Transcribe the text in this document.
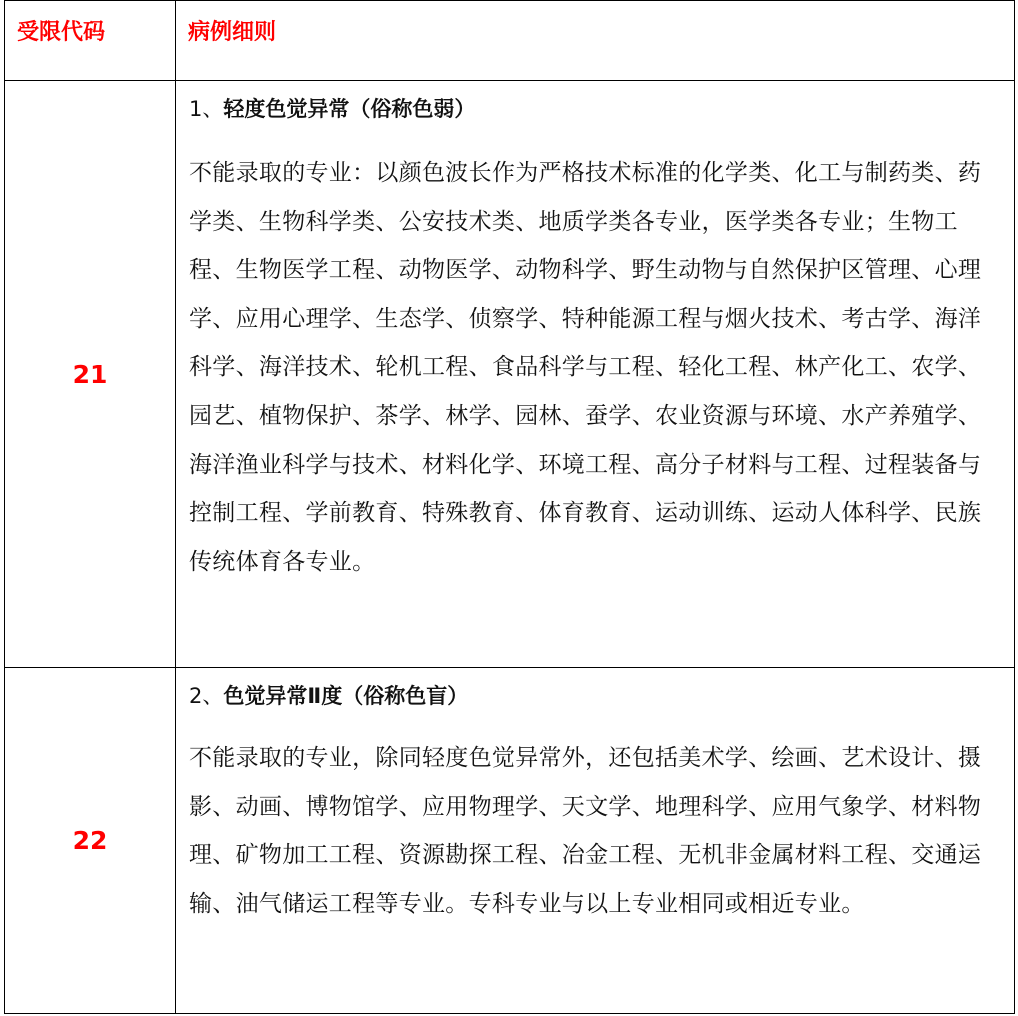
受限代码	病例细则
21	1、轻度色觉异常（俗称色弱）

不能录取的专业：以颜色波长作为严格技术标准的化学类、化工与制药类、药学类、生物科学类、公安技术类、地质学类各专业，医学类各专业；生物工程、生物医学工程、动物医学、动物科学、野生动物与自然保护区管理、心理学、应用心理学、生态学、侦察学、特种能源工程与烟火技术、考古学、海洋科学、海洋技术、轮机工程、食品科学与工程、轻化工程、林产化工、农学、园艺、植物保护、茶学、林学、园林、蚕学、农业资源与环境、水产养殖学、海洋渔业科学与技术、材料化学、环境工程、高分子材料与工程、过程装备与控制工程、学前教育、特殊教育、体育教育、运动训练、运动人体科学、民族传统体育各专业。

22	2、色觉异常Ⅱ度（俗称色盲）

不能录取的专业，除同轻度色觉异常外，还包括美术学、绘画、艺术设计、摄影、动画、博物馆学、应用物理学、天文学、地理科学、应用气象学、材料物理、矿物加工工程、资源勘探工程、冶金工程、无机非金属材料工程、交通运输、油气储运工程等专业。专科专业与以上专业相同或相近专业。
